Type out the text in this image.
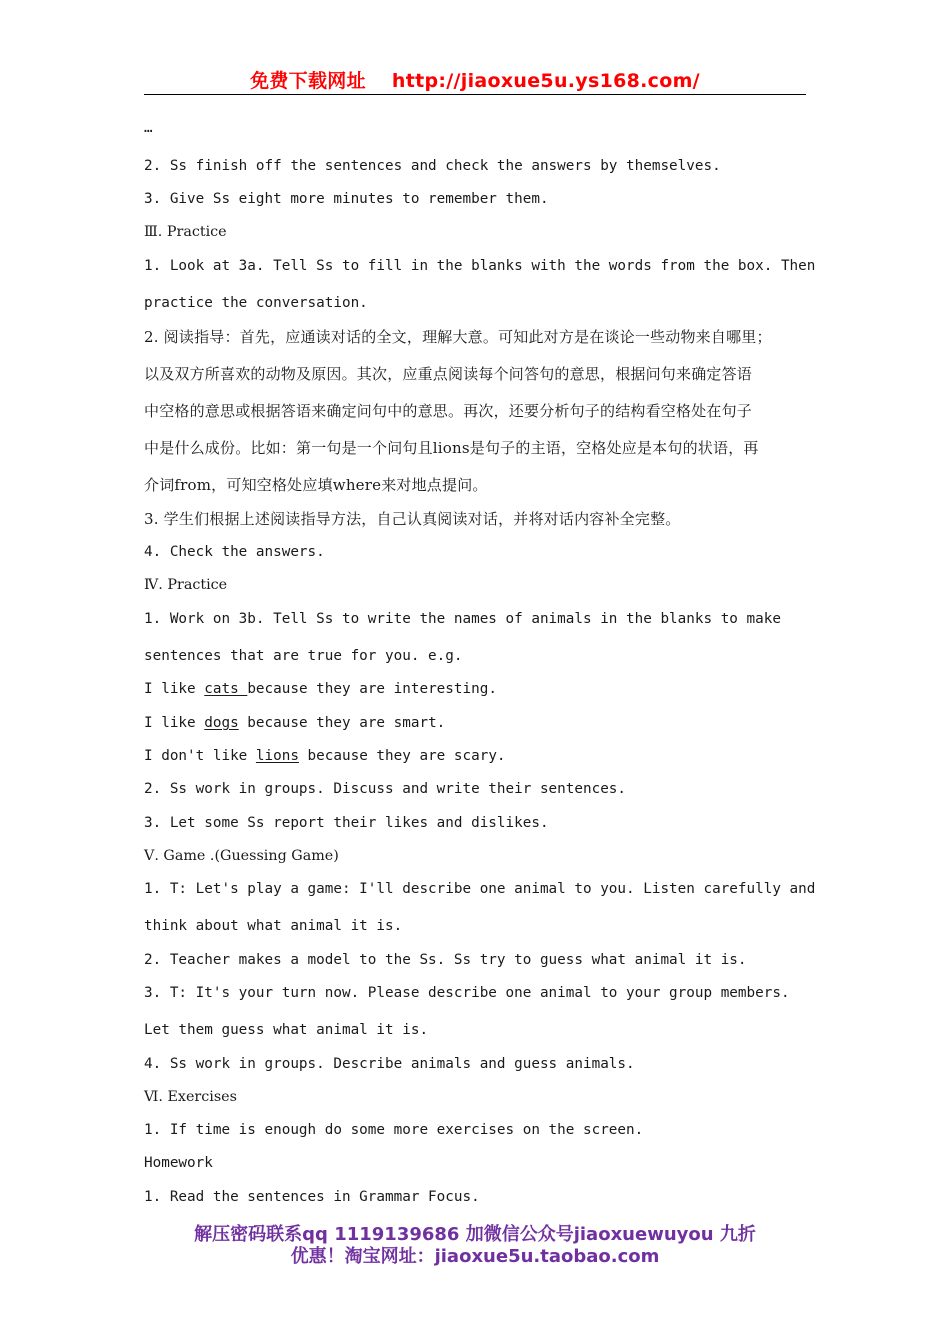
免费下载网址 http://jiaoxue5u.ys168.com/
…
2. Ss finish off the sentences and check the answers by themselves.
3. Give Ss eight more minutes to remember them.
Ⅲ. Practice
1. Look at 3a. Tell Ss to fill in the blanks with the words from the box. Then
practice the conversation.
2. 阅读指导：首先，应通读对话的全文，理解大意。可知此对方是在谈论一些动物来自哪里；
以及双方所喜欢的动物及原因。其次，应重点阅读每个问答句的意思，根据问句来确定答语
中空格的意思或根据答语来确定问句中的意思。再次，还要分析句子的结构看空格处在句子
中是什么成份。比如：第一句是一个问句且lions是句子的主语，空格处应是本句的状语，再
介词from，可知空格处应填where来对地点提问。
3. 学生们根据上述阅读指导方法，自己认真阅读对话，并将对话内容补全完整。
4. Check the answers.
Ⅳ. Practice
1. Work on 3b. Tell Ss to write the names of animals in the blanks to make
sentences that are true for you. e.g.
I like cats because they are interesting.
I like dogs because they are smart.
I don't like lions because they are scary.
2. Ss work in groups. Discuss and write their sentences.
3. Let some Ss report their likes and dislikes.
Ⅴ. Game .(Guessing Game)
1. T: Let's play a game: I'll describe one animal to you. Listen carefully and
think about what animal it is.
2. Teacher makes a model to the Ss. Ss try to guess what animal it is.
3. T: It's your turn now. Please describe one animal to your group members.
Let them guess what animal it is.
4. Ss work in groups. Describe animals and guess animals.
Ⅵ. Exercises
1. If time is enough do some more exercises on the screen.
Homework
1. Read the sentences in Grammar Focus.
解压密码联系qq 1119139686 加微信公众号jiaoxuewuyou 九折
优惠！淘宝网址：jiaoxue5u.taobao.com
